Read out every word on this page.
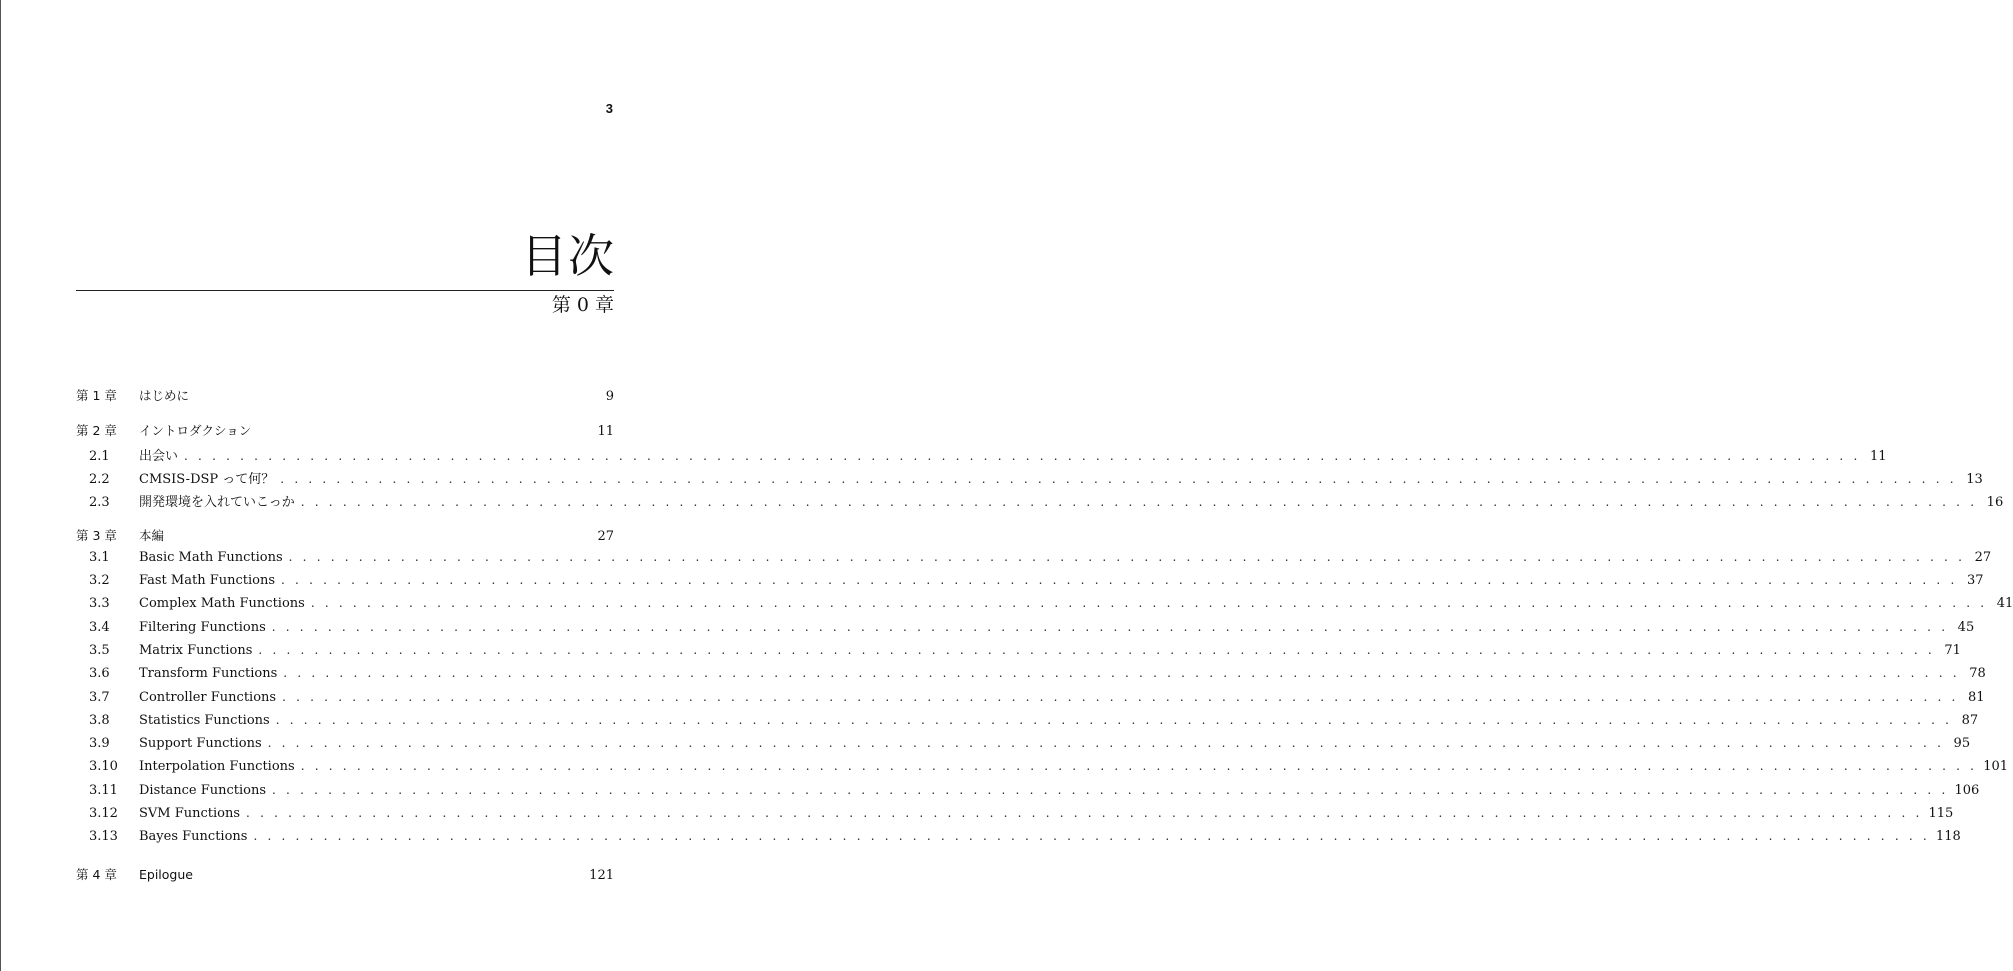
3
目次
第 0 章
第 1 章	はじめに	9
第 2 章	イントロダクション	11
2.1	出会い . . . . . . . . . . . . . . . . . . . . . . . . . . . . . . . . . . . . . . . . . . . . . . . . . . . . . . . . . . . . . . . . . . . . . . . . . . . . . . . . . . . . . . . . . . . . . . . . . . . . . . . . . . . . . . . . . . . . . . . . 11
2.2	CMSIS-DSP って何？ . . . . . . . . . . . . . . . . . . . . . . . . . . . . . . . . . . . . . . . . . . . . . . . . . . . . . . . . . . . . . . . . . . . . . . . . . . . . . . . . . . . . . . . . . . . . . . . . . . . . . . . . . . . . . . . . . . . . . . . . 13
2.3	開発環境を入れていこっか . . . . . . . . . . . . . . . . . . . . . . . . . . . . . . . . . . . . . . . . . . . . . . . . . . . . . . . . . . . . . . . . . . . . . . . . . . . . . . . . . . . . . . . . . . . . . . . . . . . . . . . . . . . . . . . . . . . . . . . . 16
第 3 章	本編	27
3.1	Basic Math Functions . . . . . . . . . . . . . . . . . . . . . . . . . . . . . . . . . . . . . . . . . . . . . . . . . . . . . . . . . . . . . . . . . . . . . . . . . . . . . . . . . . . . . . . . . . . . . . . . . . . . . . . . . . . . . . . . . . . . . . . . 27
3.2	Fast Math Functions . . . . . . . . . . . . . . . . . . . . . . . . . . . . . . . . . . . . . . . . . . . . . . . . . . . . . . . . . . . . . . . . . . . . . . . . . . . . . . . . . . . . . . . . . . . . . . . . . . . . . . . . . . . . . . . . . . . . . . . . 37
3.3	Complex Math Functions . . . . . . . . . . . . . . . . . . . . . . . . . . . . . . . . . . . . . . . . . . . . . . . . . . . . . . . . . . . . . . . . . . . . . . . . . . . . . . . . . . . . . . . . . . . . . . . . . . . . . . . . . . . . . . . . . . . . . . . . 41
3.4	Filtering Functions . . . . . . . . . . . . . . . . . . . . . . . . . . . . . . . . . . . . . . . . . . . . . . . . . . . . . . . . . . . . . . . . . . . . . . . . . . . . . . . . . . . . . . . . . . . . . . . . . . . . . . . . . . . . . . . . . . . . . . . . 45
3.5	Matrix Functions . . . . . . . . . . . . . . . . . . . . . . . . . . . . . . . . . . . . . . . . . . . . . . . . . . . . . . . . . . . . . . . . . . . . . . . . . . . . . . . . . . . . . . . . . . . . . . . . . . . . . . . . . . . . . . . . . . . . . . . . 71
3.6	Transform Functions . . . . . . . . . . . . . . . . . . . . . . . . . . . . . . . . . . . . . . . . . . . . . . . . . . . . . . . . . . . . . . . . . . . . . . . . . . . . . . . . . . . . . . . . . . . . . . . . . . . . . . . . . . . . . . . . . . . . . . . . 78
3.7	Controller Functions . . . . . . . . . . . . . . . . . . . . . . . . . . . . . . . . . . . . . . . . . . . . . . . . . . . . . . . . . . . . . . . . . . . . . . . . . . . . . . . . . . . . . . . . . . . . . . . . . . . . . . . . . . . . . . . . . . . . . . . . 81
3.8	Statistics Functions . . . . . . . . . . . . . . . . . . . . . . . . . . . . . . . . . . . . . . . . . . . . . . . . . . . . . . . . . . . . . . . . . . . . . . . . . . . . . . . . . . . . . . . . . . . . . . . . . . . . . . . . . . . . . . . . . . . . . . . . 87
3.9	Support Functions . . . . . . . . . . . . . . . . . . . . . . . . . . . . . . . . . . . . . . . . . . . . . . . . . . . . . . . . . . . . . . . . . . . . . . . . . . . . . . . . . . . . . . . . . . . . . . . . . . . . . . . . . . . . . . . . . . . . . . . . 95
3.10	Interpolation Functions . . . . . . . . . . . . . . . . . . . . . . . . . . . . . . . . . . . . . . . . . . . . . . . . . . . . . . . . . . . . . . . . . . . . . . . . . . . . . . . . . . . . . . . . . . . . . . . . . . . . . . . . . . . . . . . . . . . . . . . . 101
3.11	Distance Functions . . . . . . . . . . . . . . . . . . . . . . . . . . . . . . . . . . . . . . . . . . . . . . . . . . . . . . . . . . . . . . . . . . . . . . . . . . . . . . . . . . . . . . . . . . . . . . . . . . . . . . . . . . . . . . . . . . . . . . . . 106
3.12	SVM Functions . . . . . . . . . . . . . . . . . . . . . . . . . . . . . . . . . . . . . . . . . . . . . . . . . . . . . . . . . . . . . . . . . . . . . . . . . . . . . . . . . . . . . . . . . . . . . . . . . . . . . . . . . . . . . . . . . . . . . . . . 115
3.13	Bayes Functions . . . . . . . . . . . . . . . . . . . . . . . . . . . . . . . . . . . . . . . . . . . . . . . . . . . . . . . . . . . . . . . . . . . . . . . . . . . . . . . . . . . . . . . . . . . . . . . . . . . . . . . . . . . . . . . . . . . . . . . . 118
第 4 章	Epilogue	121
